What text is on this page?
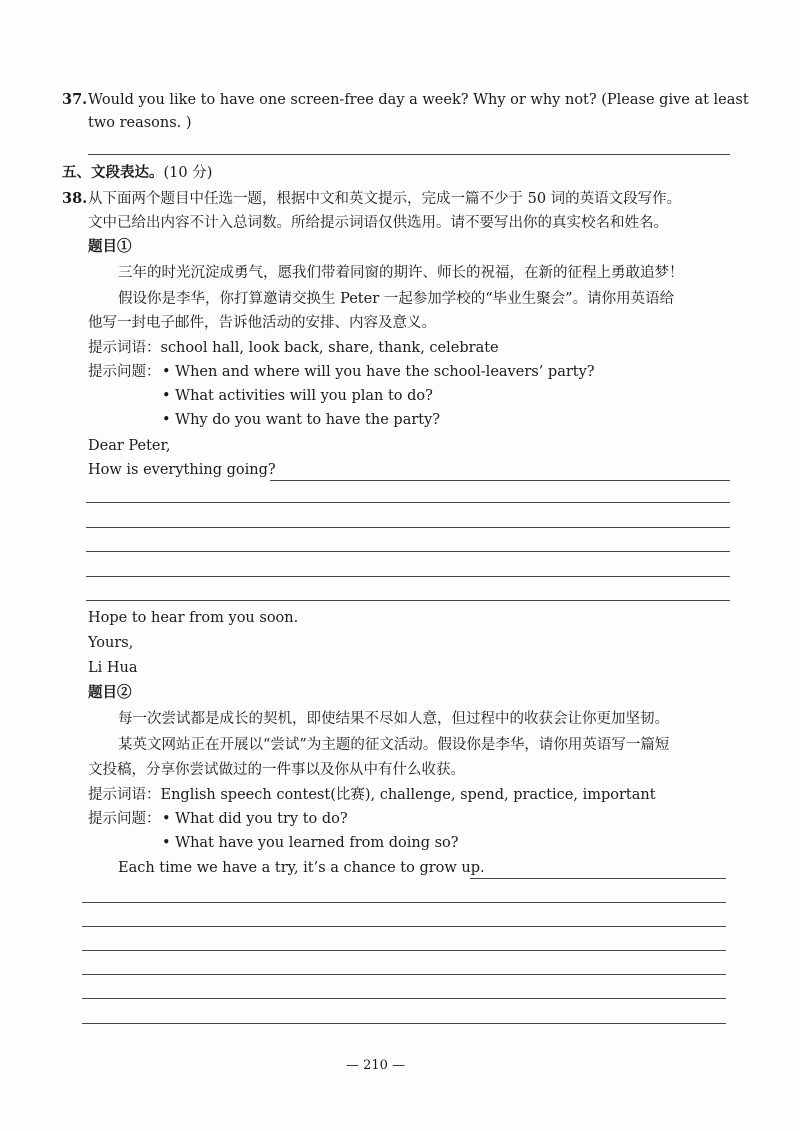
37. Would you like to have one screen-free day a week? Why or why not? (Please give at least
two reasons. )
五、文段表达。(10 分)
38. 从下面两个题目中任选一题，根据中文和英文提示，完成一篇不少于 50 词的英语文段写作。
文中已给出内容不计入总词数。所给提示词语仅供选用。请不要写出你的真实校名和姓名。
题目①
三年的时光沉淀成勇气，愿我们带着同窗的期许、师长的祝福，在新的征程上勇敢追梦！
假设你是李华，你打算邀请交换生 Peter 一起参加学校的“毕业生聚会”。请你用英语给
他写一封电子邮件，告诉他活动的安排、内容及意义。
提示词语：school hall, look back, share, thank, celebrate
提示问题： • When and where will you have the school-leavers’ party?
• What activities will you plan to do?
• Why do you want to have the party?
Dear Peter,
How is everything going?
Hope to hear from you soon.
Yours,
Li Hua
题目②
每一次尝试都是成长的契机，即使结果不尽如人意，但过程中的收获会让你更加坚韧。
某英文网站正在开展以“尝试”为主题的征文活动。假设你是李华，请你用英语写一篇短
文投稿，分享你尝试做过的一件事以及你从中有什么收获。
提示词语：English speech contest(比赛), challenge, spend, practice, important
提示问题： • What did you try to do?
• What have you learned from doing so?
Each time we have a try, it’s a chance to grow up.
— 210 —
